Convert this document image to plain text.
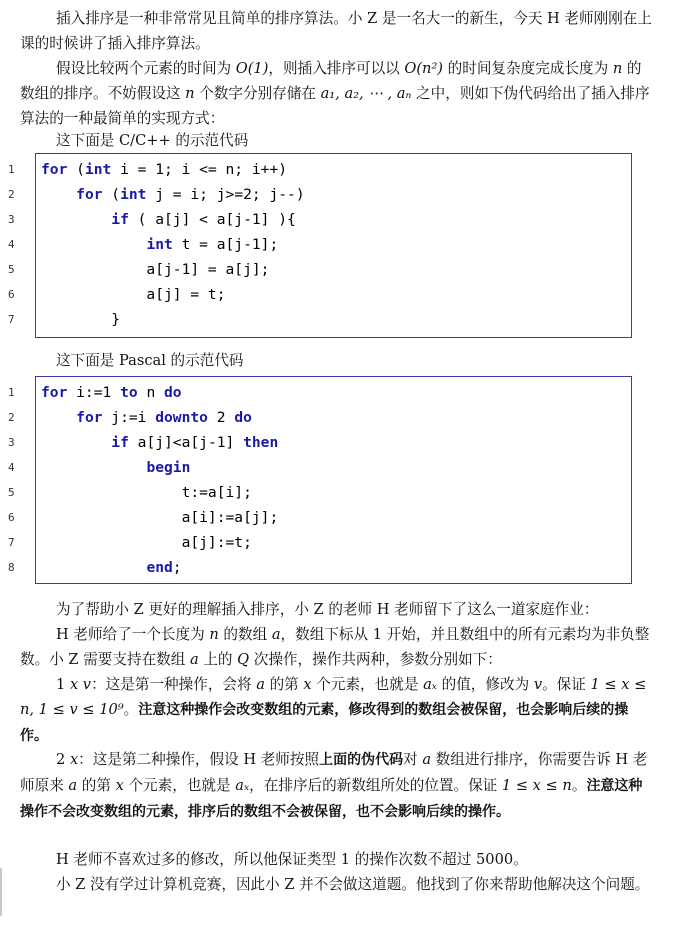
插入排序是一种非常常见且简单的排序算法。小 Z 是一名大一的新生，今天 H 老师刚刚在上课的时候讲了插入排序算法。

假设比较两个元素的时间为 O(1)，则插入排序可以以 O(n²) 的时间复杂度完成长度为 n 的数组的排序。不妨假设这 n 个数字分别存储在 a₁, a₂, ⋯ , aₙ 之中，则如下伪代码给出了插入排序算法的一种最简单的实现方式：

这下面是 C/C++ 的示范代码

1	for (int i = 1; i <= n; i++)
2	for (int j = i; j>=2; j--)
3	if ( a[j] < a[j-1] ){
4	int t = a[j-1];
5	a[j-1] = a[j];
6	a[j] = t;
7	}

这下面是 Pascal 的示范代码

1	for i:=1 to n do
2	for j:=i downto 2 do
3	if a[j]<a[j-1] then
4	begin
5	t:=a[i];
6	a[i]:=a[j];
7	a[j]:=t;
8	end;

为了帮助小 Z 更好的理解插入排序，小 Z 的老师 H 老师留下了这么一道家庭作业：

H 老师给了一个长度为 n 的数组 a，数组下标从 1 开始，并且数组中的所有元素均为非负整数。小 Z 需要支持在数组 a 上的 Q 次操作，操作共两种，参数分别如下：

1 x v：这是第一种操作，会将 a 的第 x 个元素，也就是 aₓ 的值，修改为 v。保证 1 ≤ x ≤ n, 1 ≤ v ≤ 10⁹。注意这种操作会改变数组的元素，修改得到的数组会被保留，也会影响后续的操作。

2 x：这是第二种操作，假设 H 老师按照上面的伪代码对 a 数组进行排序，你需要告诉 H 老师原来 a 的第 x 个元素，也就是 aₓ，在排序后的新数组所处的位置。保证 1 ≤ x ≤ n。注意这种操作不会改变数组的元素，排序后的数组不会被保留，也不会影响后续的操作。

H 老师不喜欢过多的修改，所以他保证类型 1 的操作次数不超过 5000。

小 Z 没有学过计算机竞赛，因此小 Z 并不会做这道题。他找到了你来帮助他解决这个问题。
